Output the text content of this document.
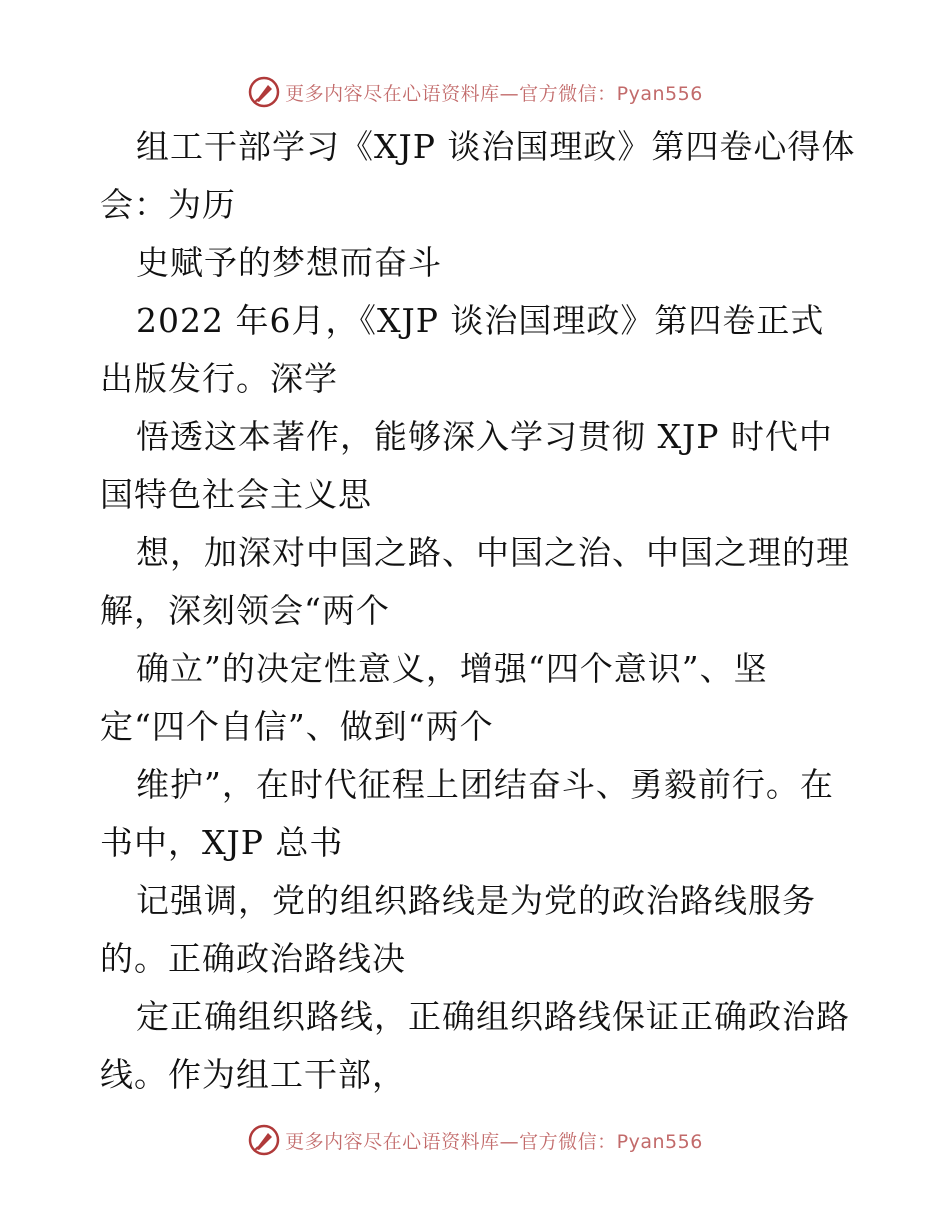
更多内容尽在心语资料库—官方微信：Pyan556
组工干部学习《XJP 谈治国理政》第四卷心得体
会：为历
史赋予的梦想而奋斗
2022 年6月，《XJP 谈治国理政》第四卷正式
出版发行。深学
悟透这本著作，能够深入学习贯彻 XJP 时代中
国特色社会主义思
想，加深对中国之路、中国之治、中国之理的理
解，深刻领会“两个
确立”的决定性意义，增强“四个意识”、坚
定“四个自信”、做到“两个
维护”，在时代征程上团结奋斗、勇毅前行。在
书中，XJP 总书
记强调，党的组织路线是为党的政治路线服务
的。正确政治路线决
定正确组织路线，正确组织路线保证正确政治路
线。作为组工干部，
更多内容尽在心语资料库—官方微信：Pyan556
